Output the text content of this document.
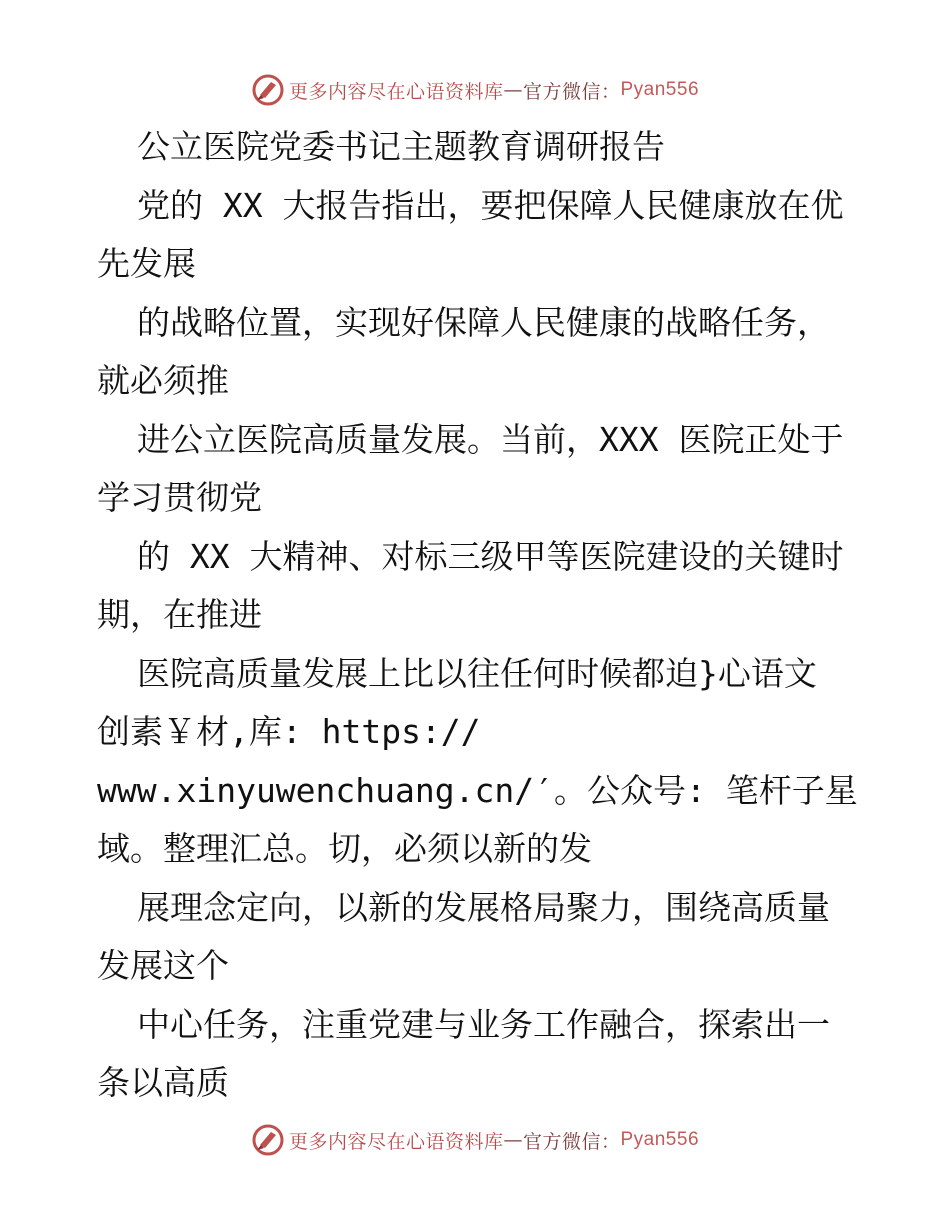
更多内容尽在心语资料库 — 官方微信： Pyan556
公立医院党委书记主题教育调研报告
党的 XX 大报告指出，要把保障人民健康放在优
先发展
的战略位置，实现好保障人民健康的战略任务，
就必须推
进公立医院高质量发展。当前，XXX 医院正处于
学习贯彻党
的 XX 大精神、对标三级甲等医院建设的关键时
期，在推进
医院高质量发展上比以往任何时候都迫}心语文
创素￥材,库: https://
www.xinyuwenchuang.cn/′。公众号: 笔杆子星
域。整理汇总。切，必须以新的发
展理念定向，以新的发展格局聚力，围绕高质量
发展这个
中心任务，注重党建与业务工作融合，探索出一
条以高质
更多内容尽在心语资料库 — 官方微信： Pyan556
